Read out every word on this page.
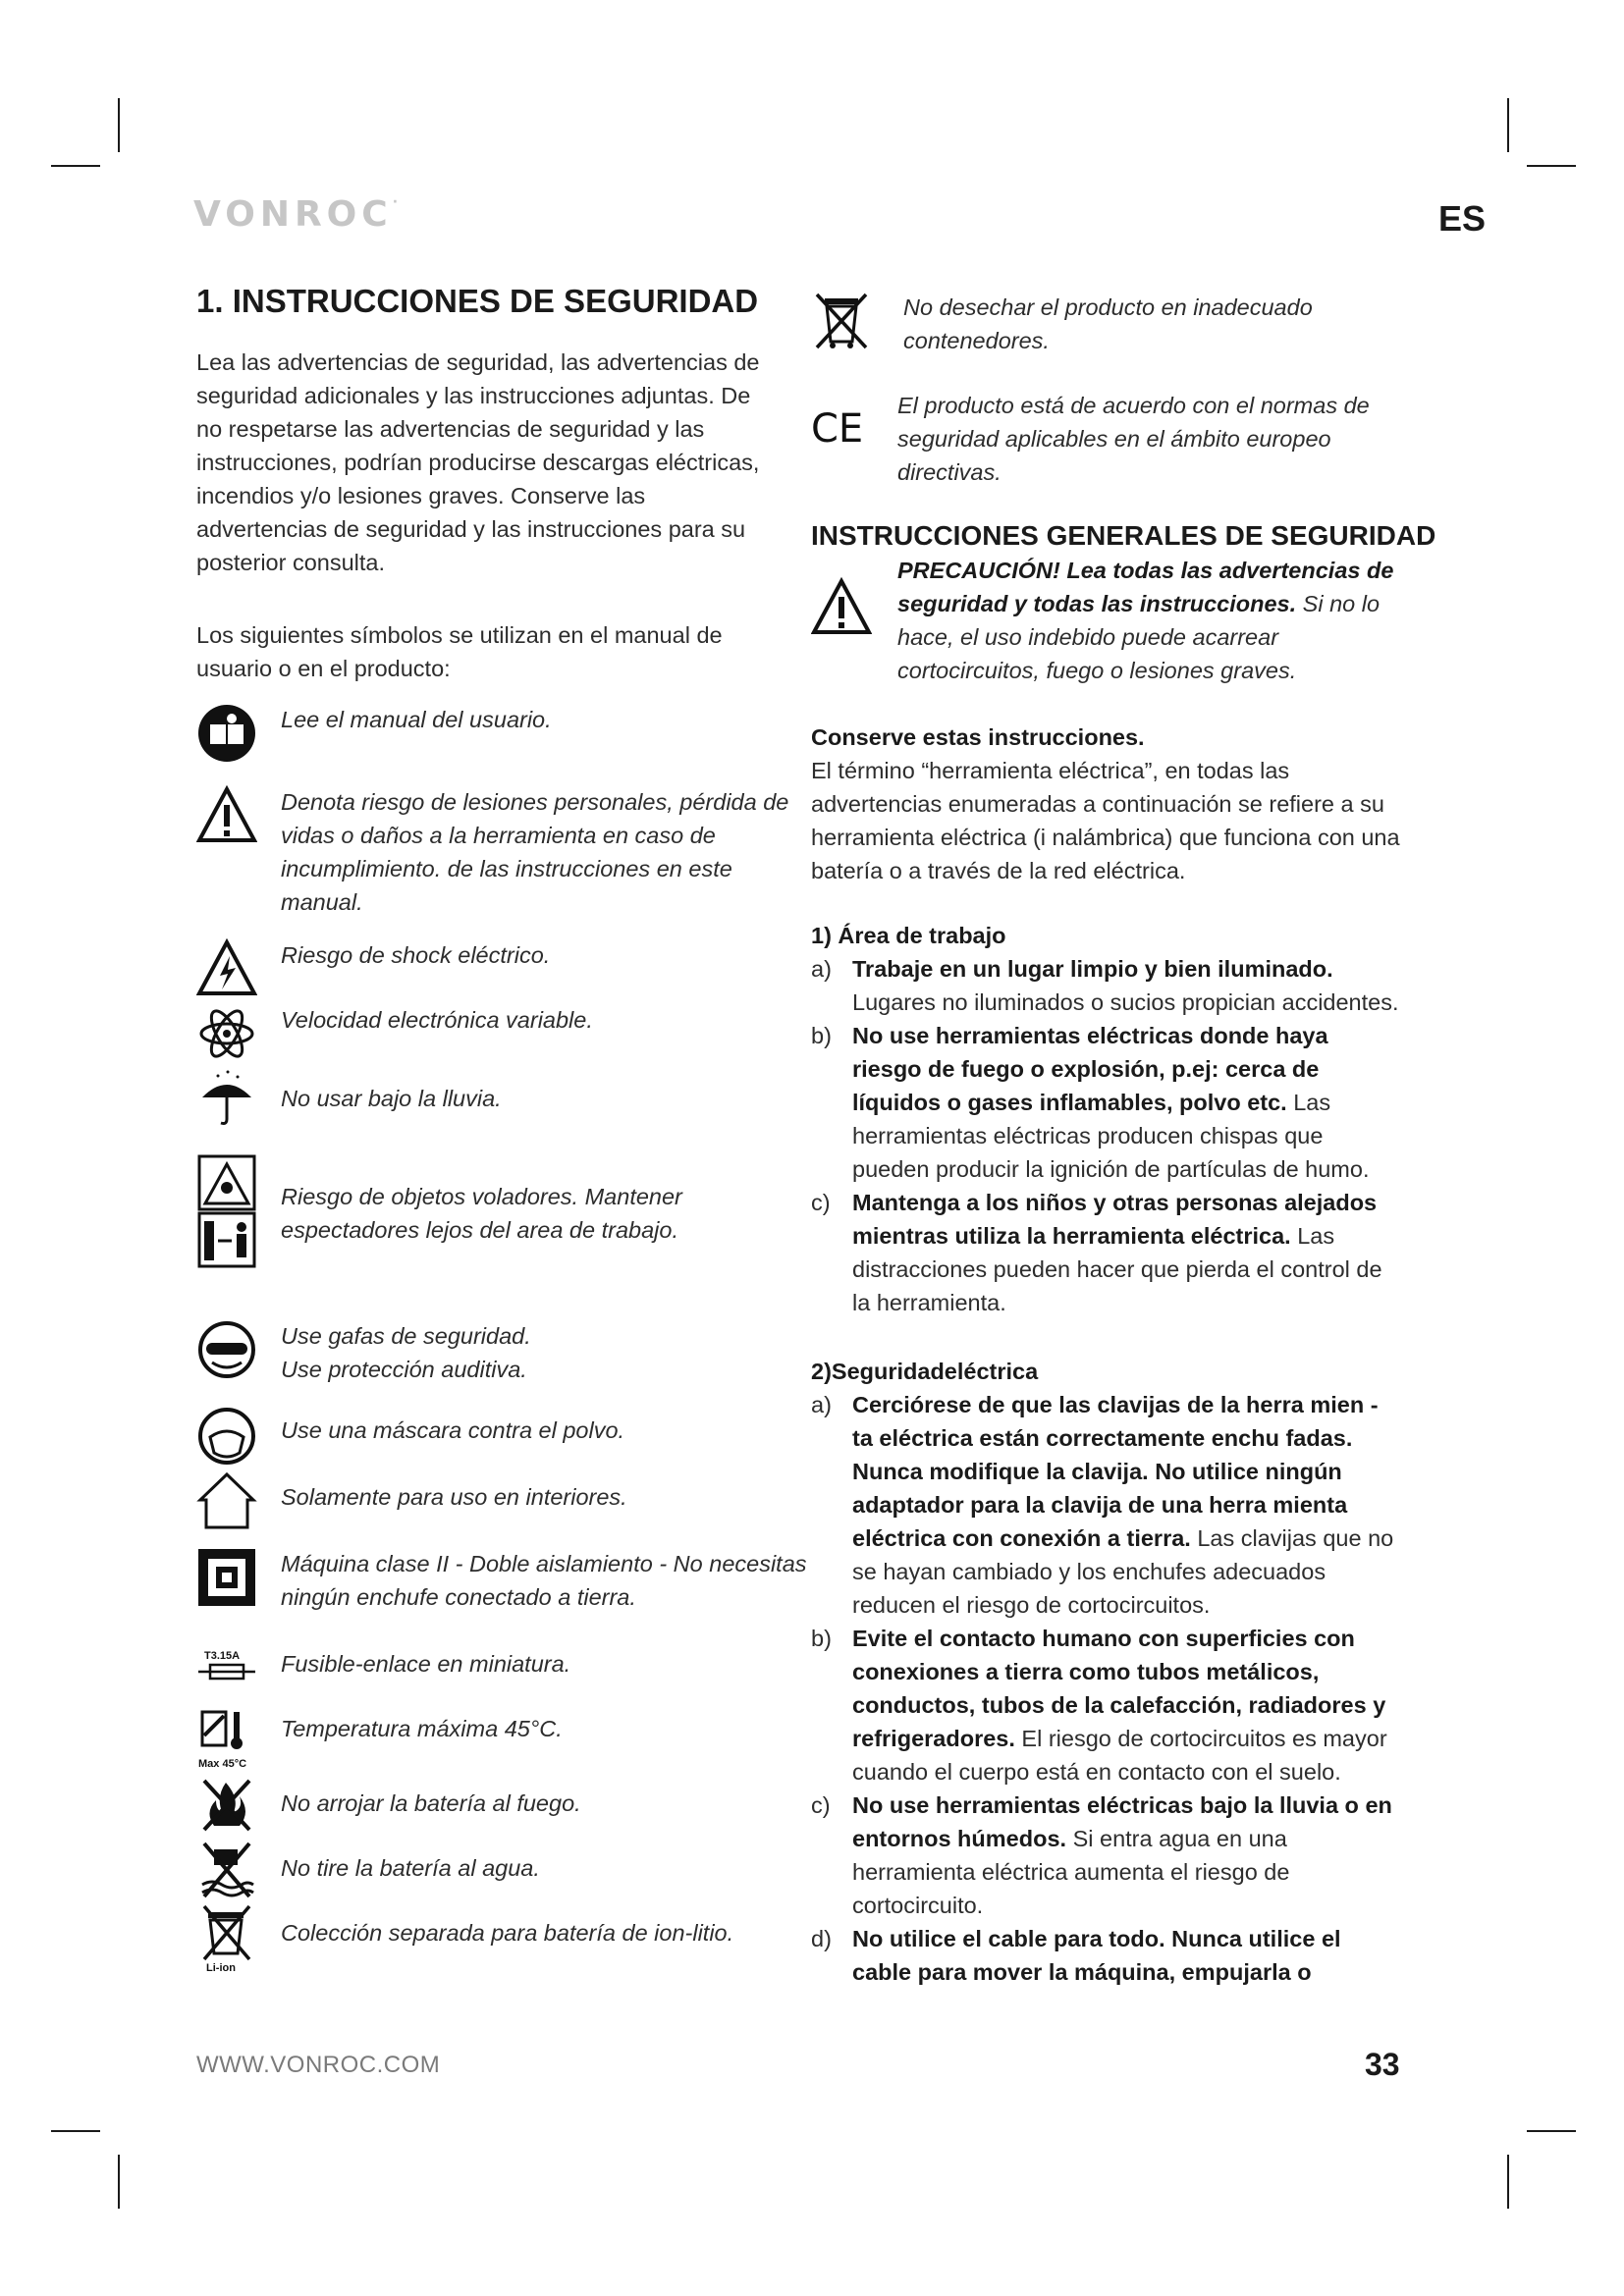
VONROC·	ES
1. INSTRUCCIONES DE SEGURIDAD
Lea las advertencias de seguridad, las advertencias de seguridad adicionales y las instrucciones adjuntas. De no respetarse las advertencias de seguridad y las instrucciones, podrían producirse descargas eléctricas, incendios y/o lesiones graves. Conserve las advertencias de seguridad y las instrucciones para su posterior consulta.
Los siguientes símbolos se utilizan en el manual de usuario o en el producto:
Lee el manual del usuario.
Denota riesgo de lesiones personales, pérdida de vidas o daños a la herramienta en caso de incumplimiento. de las instrucciones en este manual.
Riesgo de shock eléctrico.
Velocidad electrónica variable.
No usar bajo la lluvia.
Riesgo de objetos voladores. Mantener espectadores lejos del area de trabajo.
Use gafas de seguridad.
Use protección auditiva.
Use una máscara contra el polvo.
Solamente para uso en interiores.
Máquina clase II - Doble aislamiento - No necesitas ningún enchufe conectado a tierra.
T3.15A Fusible-enlace en miniatura.
Max 45°C
Temperatura máxima 45°C.
No arrojar la batería al fuego.
No tire la batería al agua.
Li-ion
Colección separada para batería de ion-litio.
No desechar el producto en inadecuado contenedores.
CE
El producto está de acuerdo con el normas de seguridad aplicables en el ámbito europeo directivas.
INSTRUCCIONES GENERALES DE SEGURIDAD
PRECAUCIÓN! Lea todas las advertencias de seguridad y todas las instrucciones. Si no lo hace, el uso indebido puede acarrear cortocircuitos, fuego o lesiones graves.
Conserve estas instrucciones.
El término “herramienta eléctrica”, en todas las advertencias enumeradas a continuación se refiere a su herramienta eléctrica (i nalámbrica) que funciona con una batería o a través de la red eléctrica.
1) Área de trabajo
a) Trabaje en un lugar limpio y bien iluminado. Lugares no iluminados o sucios propician accidentes.
b) No use herramientas eléctricas donde haya riesgo de fuego o explosión, p.ej: cerca de líquidos o gases inflamables, polvo etc. Las herramientas eléctricas producen chispas que pueden producir la ignición de partículas de humo.
c) Mantenga a los niños y otras personas alejados mientras utiliza la herramienta eléctrica. Las distracciones pueden hacer que pierda el control de la herramienta.
2)Seguridadeléctrica
a) Cerciórese de que las clavijas de la herra mien - ta eléctrica están correctamente enchu fadas. Nunca modifique la clavija. No utilice ningún adaptador para la clavija de una herra mienta eléctrica con conexión a tierra. Las clavijas que no se hayan cambiado y los enchufes adecuados reducen el riesgo de cortocircuitos.
b) Evite el contacto humano con superficies con conexiones a tierra como tubos metálicos, conductos, tubos de la calefacción, radiadores y refrigeradores. El riesgo de cortocircuitos es mayor cuando el cuerpo está en contacto con el suelo.
c) No use herramientas eléctricas bajo la lluvia o en entornos húmedos. Si entra agua en una herramienta eléctrica aumenta el riesgo de cortocircuito.
d) No utilice el cable para todo. Nunca utilice el cable para mover la máquina, empujarla o
WWW.VONROC.COM	33
